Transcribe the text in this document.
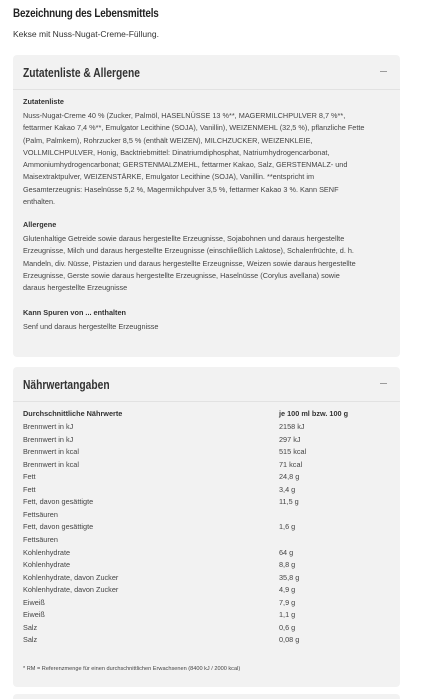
Bezeichnung des Lebensmittels
Kekse mit Nuss-Nugat-Creme-Füllung.
Zutatenliste & Allergene
Zutatenliste
Nuss-Nugat-Creme 40 % (Zucker, Palmöl, HASELNÜSSE 13 %**, MAGERMILCHPULVER 8,7 %**,
fettarmer Kakao 7,4 %**, Emulgator Lecithine (SOJA), Vanillin), WEIZENMEHL (32,5 %), pflanzliche Fette
(Palm, Palmkern), Rohrzucker 8,5 % (enthält WEIZEN), MILCHZUCKER, WEIZENKLEIE,
VOLLMILCHPULVER, Honig, Backtriebmittel: Dinatriumdiphosphat, Natriumhydrogencarbonat,
Ammoniumhydrogencarbonat; GERSTENMALZMEHL, fettarmer Kakao, Salz, GERSTENMALZ- und
Maisextraktpulver, WEIZENSTÄRKE, Emulgator Lecithine (SOJA), Vanillin. **entspricht im
Gesamterzeugnis: Haselnüsse 5,2 %, Magermilchpulver 3,5 %, fettarmer Kakao 3 %. Kann SENF
enthalten.
Allergene
Glutenhaltige Getreide sowie daraus hergestellte Erzeugnisse, Sojabohnen und daraus hergestellte
Erzeugnisse, Milch und daraus hergestellte Erzeugnisse (einschließlich Laktose), Schalenfrüchte, d. h.
Mandeln, div. Nüsse, Pistazien und daraus hergestellte Erzeugnisse, Weizen sowie daraus hergestellte
Erzeugnisse, Gerste sowie daraus hergestellte Erzeugnisse, Haselnüsse (Corylus avellana) sowie
daraus hergestellte Erzeugnisse
Kann Spuren von ... enthalten
Senf und daraus hergestellte Erzeugnisse
Nährwertangaben
Durchschnittliche Nährwerte	je 100 ml bzw. 100 g
Brennwert in kJ	2158 kJ
Brennwert in kJ	297 kJ
Brennwert in kcal	515 kcal
Brennwert in kcal	71 kcal
Fett	24,8 g
Fett	3,4 g
Fett, davon gesättigte	11,5 g
Fettsäuren
Fett, davon gesättigte	1,6 g
Fettsäuren
Kohlenhydrate	64 g
Kohlenhydrate	8,8 g
Kohlenhydrate, davon Zucker	35,8 g
Kohlenhydrate, davon Zucker	4,9 g
Eiweiß	7,9 g
Eiweiß	1,1 g
Salz	0,6 g
Salz	0,08 g
* RM = Referenzmenge für einen durchschnittlichen Erwachsenen (8400 kJ / 2000 kcal)
